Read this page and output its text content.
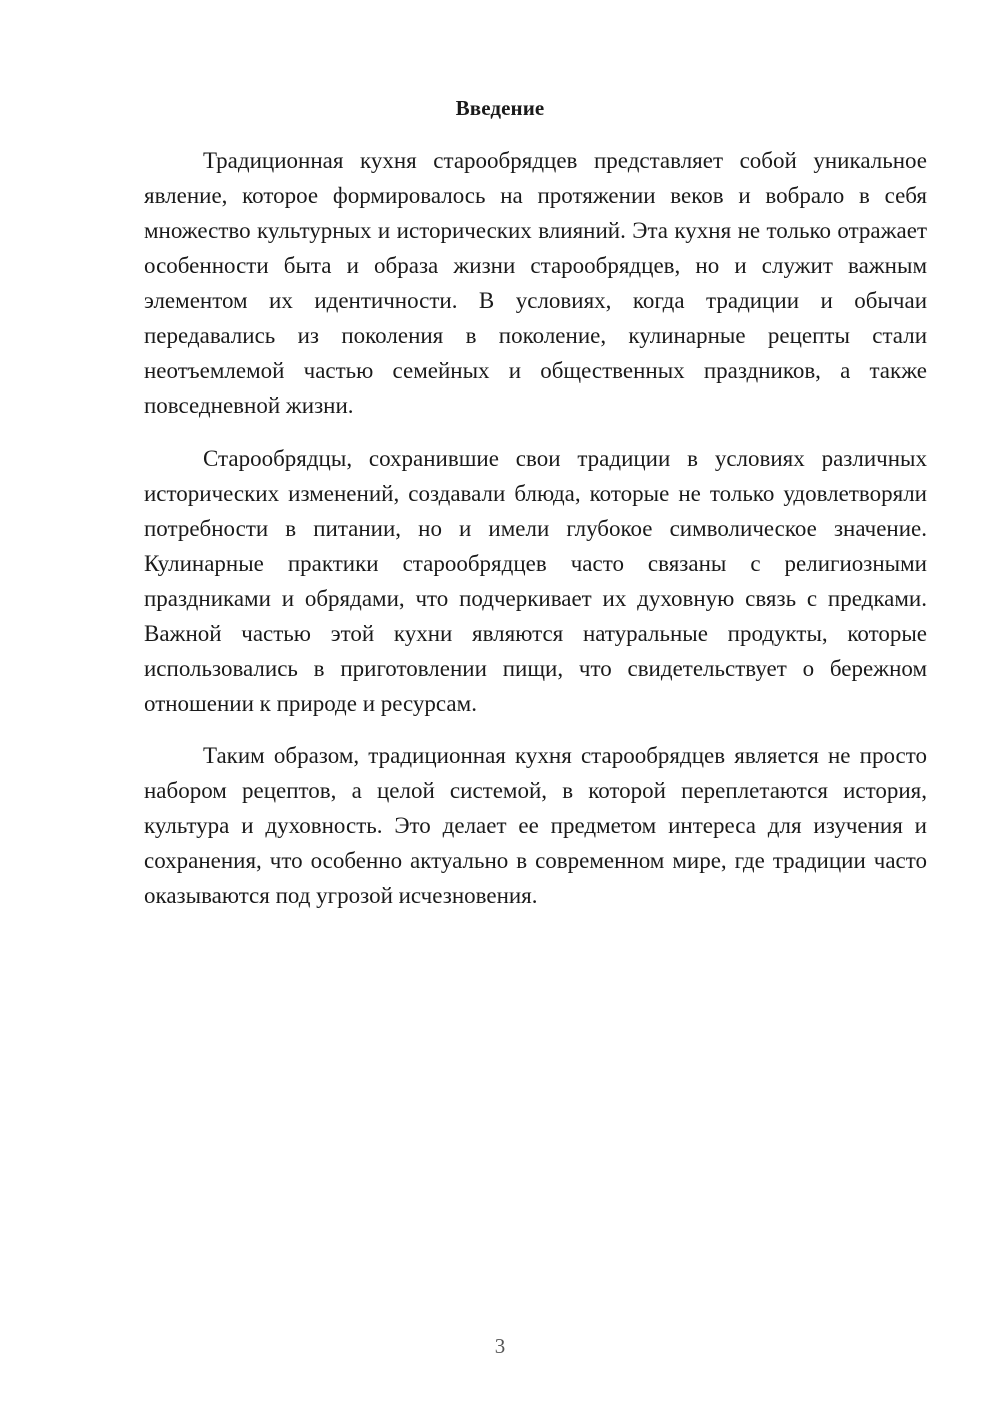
Введение

Традиционная кухня старообрядцев представляет собой уникальное явление, которое формировалось на протяжении веков и вобрало в себя множество культурных и исторических влияний. Эта кухня не только отражает особенности быта и образа жизни старообрядцев, но и служит важным элементом их идентичности. В условиях, когда традиции и обычаи передавались из поколения в поколение, кулинарные рецепты стали неотъемлемой частью семейных и общественных праздников, а также повседневной жизни.

Старообрядцы, сохранившие свои традиции в условиях различных исторических изменений, создавали блюда, которые не только удовлетворяли потребности в питании, но и имели глубокое символическое значение. Кулинарные практики старообрядцев часто связаны с религиозными праздниками и обрядами, что подчеркивает их духовную связь с предками. Важной частью этой кухни являются натуральные продукты, которые использовались в приготовлении пищи, что свидетельствует о бережном отношении к природе и ресурсам.

Таким образом, традиционная кухня старообрядцев является не просто набором рецептов, а целой системой, в которой переплетаются история, культура и духовность. Это делает ее предметом интереса для изучения и сохранения, что особенно актуально в современном мире, где традиции часто оказываются под угрозой исчезновения.

3
